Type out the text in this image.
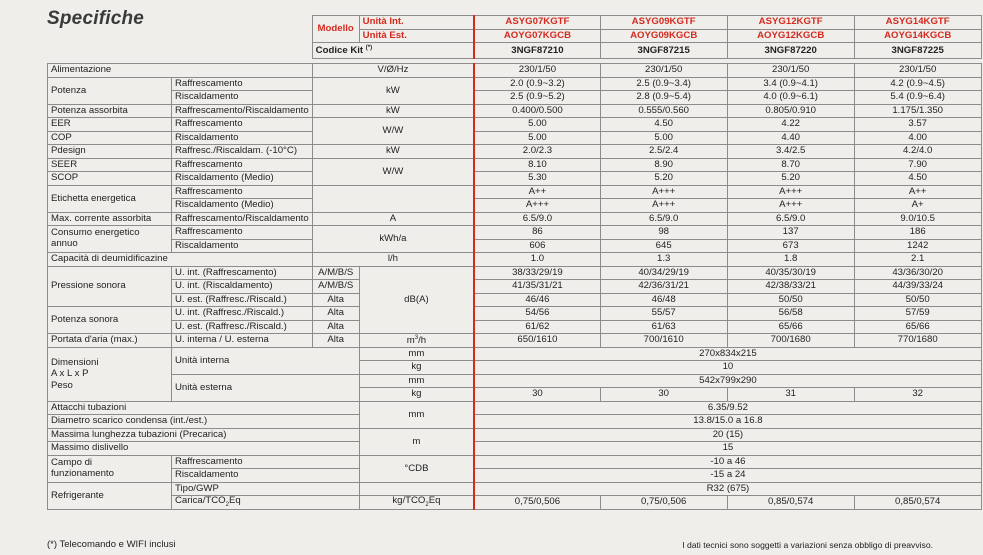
Specifiche
			Modello	Unità Int.	ASYG07KGTF	ASYG09KGTF	ASYG12KGTF	ASYG14KGTF
			Unità Est.	AOYG07KGCB	AOYG09KGCB	AOYG12KGCB	AOYG14KGCB
		Codice Kit (*)		3NGF87210	3NGF87215	3NGF87220	3NGF87225

Alimentazione		V/Ø/Hz		230/1/50	230/1/50	230/1/50	230/1/50
Potenza	Raffrescamento	kW		2.0 (0.9~3.2)	2.5 (0.9~3.4)	3.4 (0.9~4.1)	4.2 (0.9~4.5)
	Riscaldamento			2.5 (0.9~5.2)	2.8 (0.9~5.4)	4.0 (0.9~6.1)	5.4 (0.9~6.4)
Potenza assorbita	Raffrescamento/Riscaldamento	kW		0.400/0.500	0.555/0.560	0.805/0.910	1.175/1.350
EER	Raffrescamento	W/W		5.00	4.50	4.22	3.57
COP	Riscaldamento			5.00	5.00	4.40	4.00
Pdesign	Raffresc./Riscaldam. (-10°C)	kW		2.0/2.3	2.5/2.4	3.4/2.5	4.2/4.0
SEER	Raffrescamento	W/W		8.10	8.90	8.70	7.90
SCOP	Riscaldamento (Medio)			5.30	5.20	5.20	4.50
Etichetta energetica	Raffrescamento			A++	A+++	A+++	A++
	Riscaldamento (Medio)			A+++	A+++	A+++	A+
Max. corrente assorbita	Raffrescamento/Riscaldamento	A		6.5/9.0	6.5/9.0	6.5/9.0	9.0/10.5
Consumo energetico
annuo	Raffrescamento	kWh/a		86	98	137	186
	Riscaldamento			606	645	673	1242
Capacità di deumidificazine		l/h		1.0	1.3	1.8	2.1
Pressione sonora	U. int. (Raffrescamento)	A/M/B/S	dB(A)	38/33/29/19	40/34/29/19	40/35/30/19	43/36/30/20
	U. int. (Riscaldamento)	A/M/B/S		41/35/31/21	42/36/31/21	42/38/33/21	44/39/33/24
	U. est. (Raffresc./Riscald.)	Alta		46/46	46/48	50/50	50/50
Potenza sonora	U. int. (Raffresc./Riscald.)	Alta		54/56	55/57	56/58	57/59
	U. est. (Raffresc./Riscald.)	Alta		61/62	61/63	65/66	65/66
Portata d'aria (max.)	U. interna / U. esterna	Alta	$m^3/h$	650/1610	700/1610	700/1680	770/1680
Dimensioni
A x L x P
Peso	Unità interna		mm	270x834x215			
			kg	10			
	Unità esterna		mm	542x799x290			
			kg	30	30	31	32
Attacchi tubazioni			mm	6.35/9.52			
Diametro scarico condensa (int./est.)				13.8/15.0 a 16.8			
Massima lunghezza tubazioni (Precarica)			m	20 (15)			
Massimo dislivello				15			
Campo di
funzionamento	Raffrescamento		°CDB	-10 a 46			
	Riscaldamento			-15 a 24			
Refrigerante	Tipo/GWP			R32 (675)			
	Carica/$TCO_2Eq$		$kg/TCO_2Eq$	0,75/0,506	0,75/0,506	0,85/0,574	0,85/0,574
(*) Telecomando e WIFI inclusi	I dati tecnici sono soggetti a variazioni senza obbligo di preavviso.
